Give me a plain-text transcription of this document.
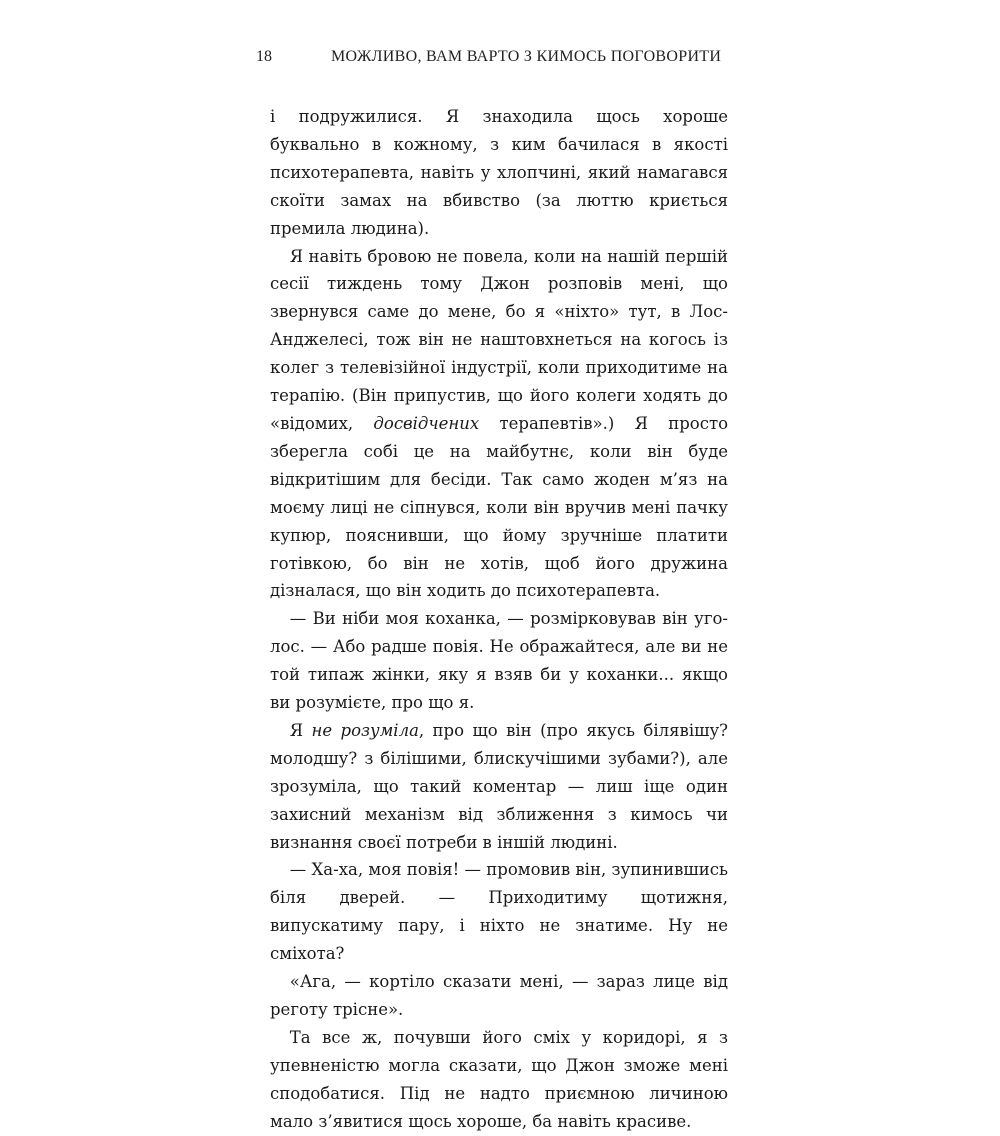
18	МОЖЛИВО, ВАМ ВАРТО З КИМОСЬ ПОГОВОРИТИ

і подружилися. Я знаходила щось хороше буквально в кожному, з ким бачилася в якості психотерапевта, навіть у хлопчині, який намагався скоїти замах на вбивство (за люттю криється премила людина).

Я навіть бровою не повела, коли на нашій першій сесії тиждень тому Джон розповів мені, що звернувся саме до мене, бо я «ніхто» тут, в Лос-Анджелесі, тож він не наштовхнеться на когось із колег з телевізійної індустрії, коли приходитиме на терапію. (Він припустив, що його колеги ходять до «відомих, досвідчених терапевтів».) Я просто зберегла собі це на майбутнє, коли він буде відкритішим для бесіди. Так само жоден м’яз на моєму лиці не сіпнувся, коли він вручив мені пачку купюр, пояснивши, що йому зручніше платити готівкою, бо він не хотів, щоб його дружина дізналася, що він ходить до психотерапевта.

— Ви ніби моя коханка, — розмірковував він уголос. — Або радше повія. Не ображайтеся, але ви не той типаж жінки, яку я взяв би у коханки... якщо ви розумієте, про що я.

Я не розуміла, про що він (про якусь білявішу? молодшу? з білішими, блискучішими зубами?), але зрозуміла, що такий коментар — лиш іще один захисний механізм від зближення з кимось чи визнання своєї потреби в іншій людині.

— Ха-ха, моя повія! — промовив він, зупинившись біля дверей. — Приходитиму щотижня, випускатиму пару, і ніхто не знатиме. Ну не сміхота?

«Ага, — кортіло сказати мені, — зараз лице від реготу трісне».

Та все ж, почувши його сміх у коридорі, я з упевненістю могла сказати, що Джон зможе мені сподобатися. Під не надто приємною личиною мало з’явитися щось хороше, ба навіть красиве.
